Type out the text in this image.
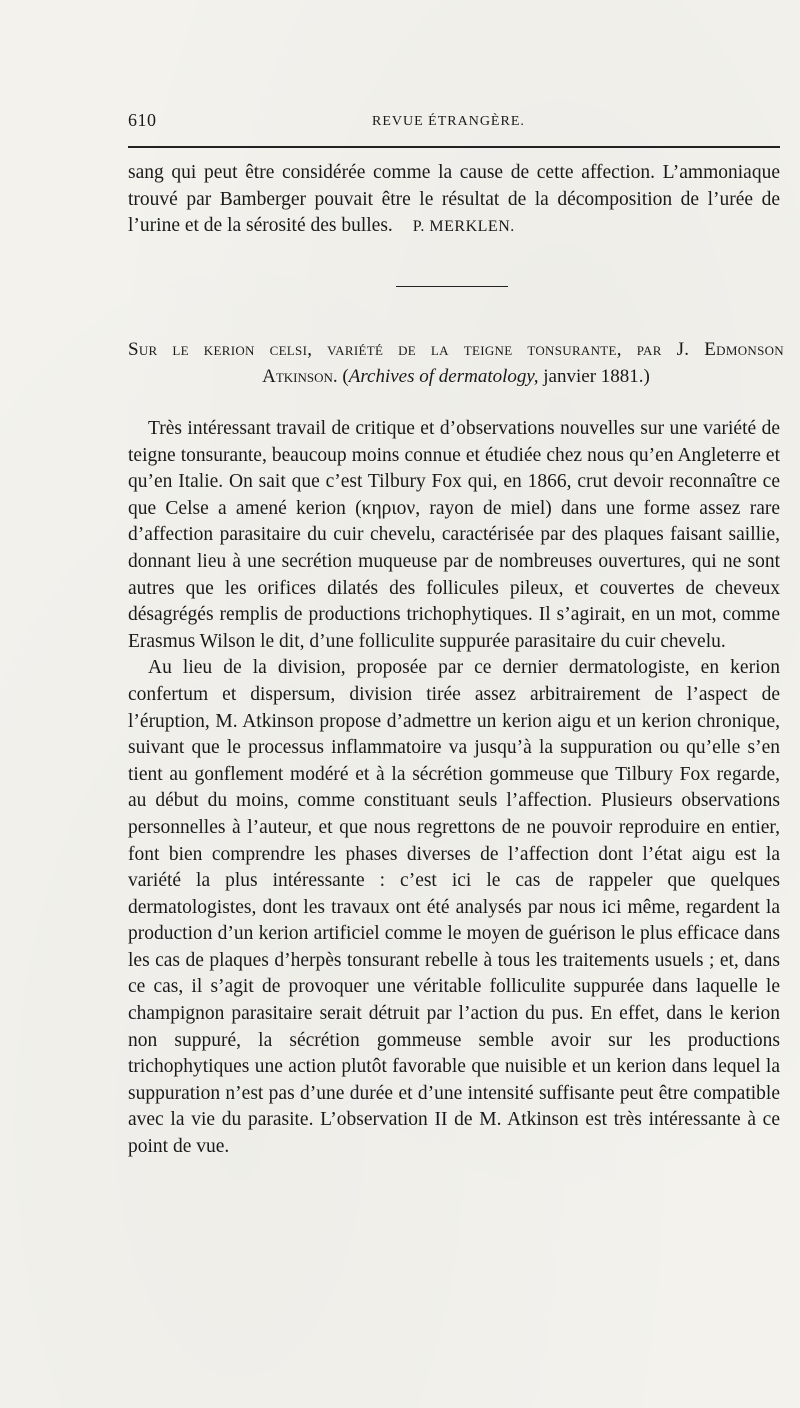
610	REVUE ÉTRANGÈRE.

sang qui peut être considérée comme la cause de cette affection. L’ammoniaque trouvé par Bamberger pouvait être le résultat de la décomposition de l’urée de l’urine et de la sérosité des bulles. P. MERKLEN.

Sur le kerion celsi, variété de la teigne tonsurante, par J. Edmonson
Atkinson. (Archives of dermatology, janvier 1881.)

Très intéressant travail de critique et d’observations nouvelles sur une variété de teigne tonsurante, beaucoup moins connue et étudiée chez nous qu’en Angleterre et qu’en Italie. On sait que c’est Tilbury Fox qui, en 1866, crut devoir reconnaître ce que Celse a amené kerion (κηριον, rayon de miel) dans une forme assez rare d’affection parasitaire du cuir chevelu, caractérisée par des plaques faisant saillie, donnant lieu à une secrétion muqueuse par de nombreuses ouvertures, qui ne sont autres que les orifices dilatés des follicules pileux, et couvertes de cheveux désagrégés remplis de productions trichophytiques. Il s’agirait, en un mot, comme Erasmus Wilson le dit, d’une folliculite suppurée parasitaire du cuir chevelu.

Au lieu de la division, proposée par ce dernier dermatologiste, en kerion confertum et dispersum, division tirée assez arbitrairement de l’aspect de l’éruption, M. Atkinson propose d’admettre un kerion aigu et un kerion chronique, suivant que le processus inflammatoire va jusqu’à la suppuration ou qu’elle s’en tient au gonflement modéré et à la sécrétion gommeuse que Tilbury Fox regarde, au début du moins, comme constituant seuls l’affection. Plusieurs observations personnelles à l’auteur, et que nous regrettons de ne pouvoir reproduire en entier, font bien comprendre les phases diverses de l’affection dont l’état aigu est la variété la plus intéressante : c’est ici le cas de rappeler que quelques dermatologistes, dont les travaux ont été analysés par nous ici même, regardent la production d’un kerion artificiel comme le moyen de guérison le plus efficace dans les cas de plaques d’herpès tonsurant rebelle à tous les traitements usuels ; et, dans ce cas, il s’agit de provoquer une véritable folliculite suppurée dans laquelle le champignon parasitaire serait détruit par l’action du pus. En effet, dans le kerion non suppuré, la sécrétion gommeuse semble avoir sur les productions trichophytiques une action plutôt favorable que nuisible et un kerion dans lequel la suppuration n’est pas d’une durée et d’une intensité suffisante peut être compatible avec la vie du parasite. L’observation II de M. Atkinson est très intéressante à ce point de vue.
